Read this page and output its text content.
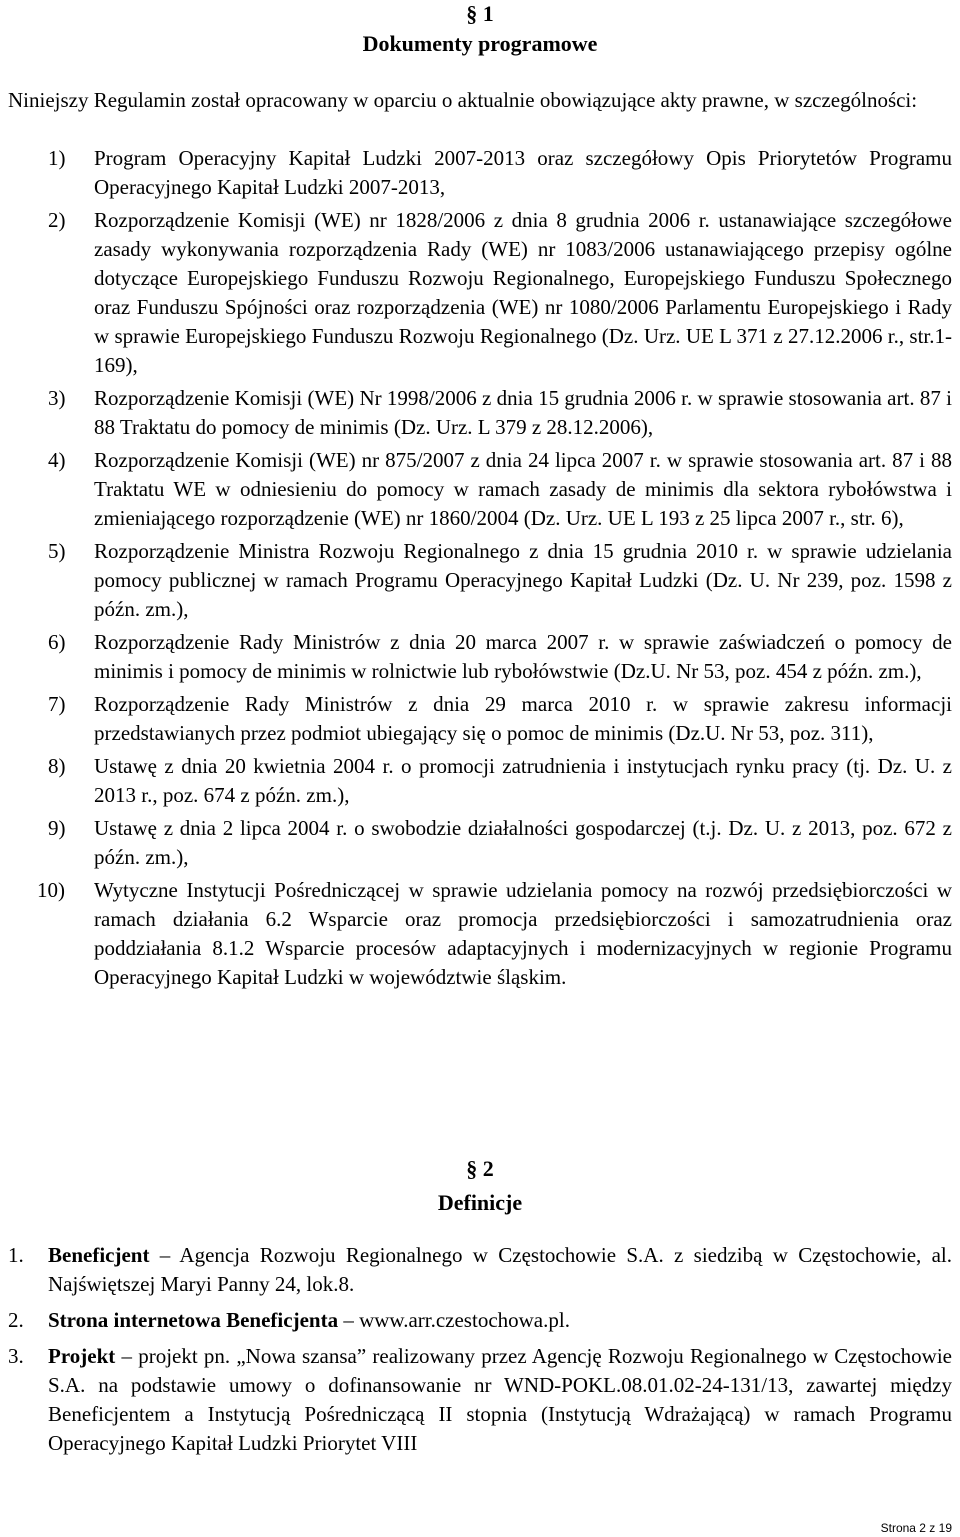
§ 1
Dokumenty programowe
Niniejszy Regulamin został opracowany w oparciu o aktualnie obowiązujące akty prawne, w szczególności:
1)	Program Operacyjny Kapitał Ludzki 2007-2013 oraz szczegółowy Opis Priorytetów Programu Operacyjnego Kapitał Ludzki 2007-2013,
2)	Rozporządzenie Komisji (WE) nr 1828/2006 z dnia 8 grudnia 2006 r. ustanawiające szczegółowe zasady wykonywania rozporządzenia Rady (WE) nr 1083/2006 ustanawiającego przepisy ogólne dotyczące Europejskiego Funduszu Rozwoju Regionalnego, Europejskiego Funduszu Społecznego oraz Funduszu Spójności oraz rozporządzenia (WE) nr 1080/2006 Parlamentu Europejskiego i Rady w sprawie Europejskiego Funduszu Rozwoju Regionalnego (Dz. Urz. UE L 371 z 27.12.2006 r., str.1-169),
3)	Rozporządzenie Komisji (WE) Nr 1998/2006 z dnia 15 grudnia 2006 r. w sprawie stosowania art. 87 i 88 Traktatu do pomocy de minimis (Dz. Urz. L 379 z 28.12.2006),
4)	Rozporządzenie Komisji (WE) nr 875/2007 z dnia 24 lipca 2007 r. w sprawie stosowania art. 87 i 88 Traktatu WE w odniesieniu do pomocy w ramach zasady de minimis dla sektora rybołówstwa i zmieniającego rozporządzenie (WE) nr 1860/2004 (Dz. Urz. UE L 193 z 25 lipca 2007 r., str. 6),
5)	Rozporządzenie Ministra Rozwoju Regionalnego z dnia 15 grudnia 2010 r. w sprawie udzielania pomocy publicznej w ramach Programu Operacyjnego Kapitał Ludzki (Dz. U. Nr 239, poz. 1598 z późn. zm.),
6)	Rozporządzenie Rady Ministrów z dnia 20 marca 2007 r. w sprawie zaświadczeń o pomocy de minimis i pomocy de minimis w rolnictwie lub rybołówstwie (Dz.U. Nr 53, poz. 454 z późn. zm.),
7)	Rozporządzenie Rady Ministrów z dnia 29 marca 2010 r. w sprawie zakresu informacji przedstawianych przez podmiot ubiegający się o pomoc de minimis (Dz.U. Nr 53, poz. 311),
8)	Ustawę z dnia 20 kwietnia 2004 r. o promocji zatrudnienia i instytucjach rynku pracy (tj. Dz. U. z 2013 r., poz. 674 z późn. zm.),
9)	Ustawę z dnia 2 lipca 2004 r. o swobodzie działalności gospodarczej (t.j. Dz. U. z 2013, poz. 672 z późn. zm.),
10)	Wytyczne Instytucji Pośredniczącej w sprawie udzielania pomocy na rozwój przedsiębiorczości w ramach działania 6.2 Wsparcie oraz promocja przedsiębiorczości i samozatrudnienia oraz poddziałania 8.1.2 Wsparcie procesów adaptacyjnych i modernizacyjnych w regionie Programu Operacyjnego Kapitał Ludzki w województwie śląskim.
§ 2
Definicje
1. Beneficjent – Agencja Rozwoju Regionalnego w Częstochowie S.A. z siedzibą w Częstochowie, al. Najświętszej Maryi Panny 24, lok.8.
2. Strona internetowa Beneficjenta – www.arr.czestochowa.pl.
3. Projekt – projekt pn. „Nowa szansa” realizowany przez Agencję Rozwoju Regionalnego w Częstochowie S.A. na podstawie umowy o dofinansowanie nr WND-POKL.08.01.02-24-131/13, zawartej między Beneficjentem a Instytucją Pośredniczącą II stopnia (Instytucją Wdrażającą) w ramach Programu Operacyjnego Kapitał Ludzki Priorytet VIII
Strona 2 z 19
